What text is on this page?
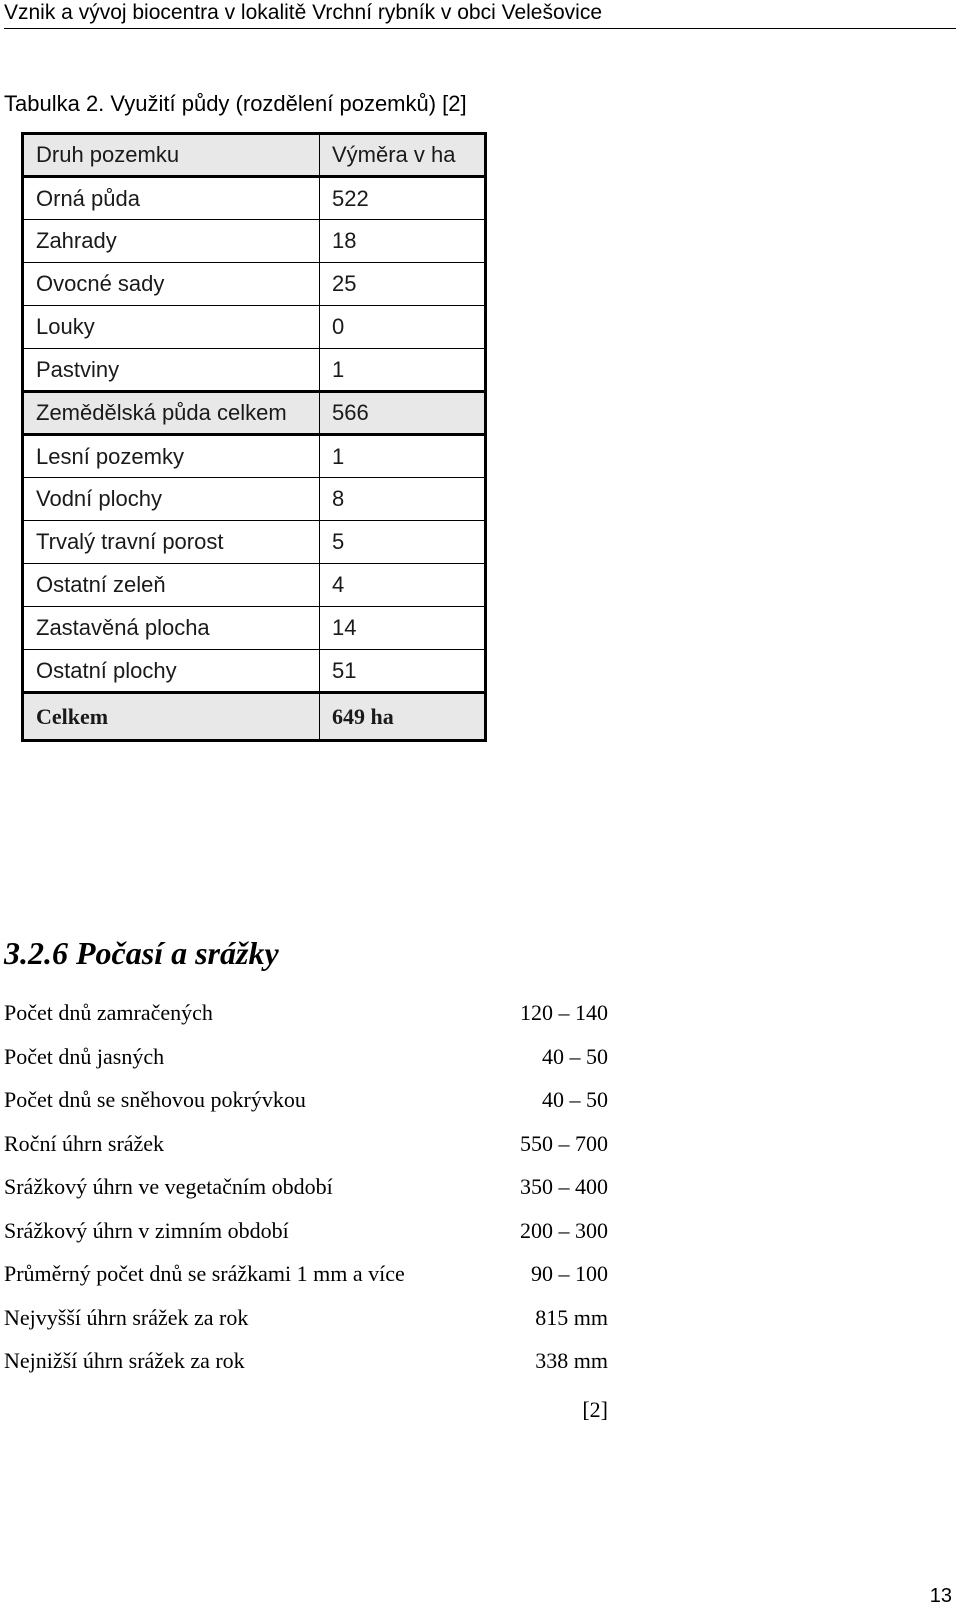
Vznik a vývoj biocentra v lokalitě Vrchní rybník v obci Velešovice
Tabulka 2. Využití půdy (rozdělení pozemků) [2]
Druh pozemku	Výměra v ha
Orná půda	522
Zahrady	18
Ovocné sady	25
Louky	0
Pastviny	1
Zemědělská půda celkem	566
Lesní pozemky	1
Vodní plochy	8
Trvalý travní porost	5
Ostatní zeleň	4
Zastavěná plocha	14
Ostatní plochy	51
Celkem	649 ha
3.2.6 Počasí a srážky
Počet dnů zamračených	120 – 140
Počet dnů jasných	40 – 50
Počet dnů se sněhovou pokrývkou	40 – 50
Roční úhrn srážek	550 – 700
Srážkový úhrn ve vegetačním období	350 – 400
Srážkový úhrn v zimním období	200 – 300
Průměrný počet dnů se srážkami 1 mm a více	90 – 100
Nejvyšší úhrn srážek za rok	815 mm
Nejnižší úhrn srážek za rok	338 mm
[2]
13
